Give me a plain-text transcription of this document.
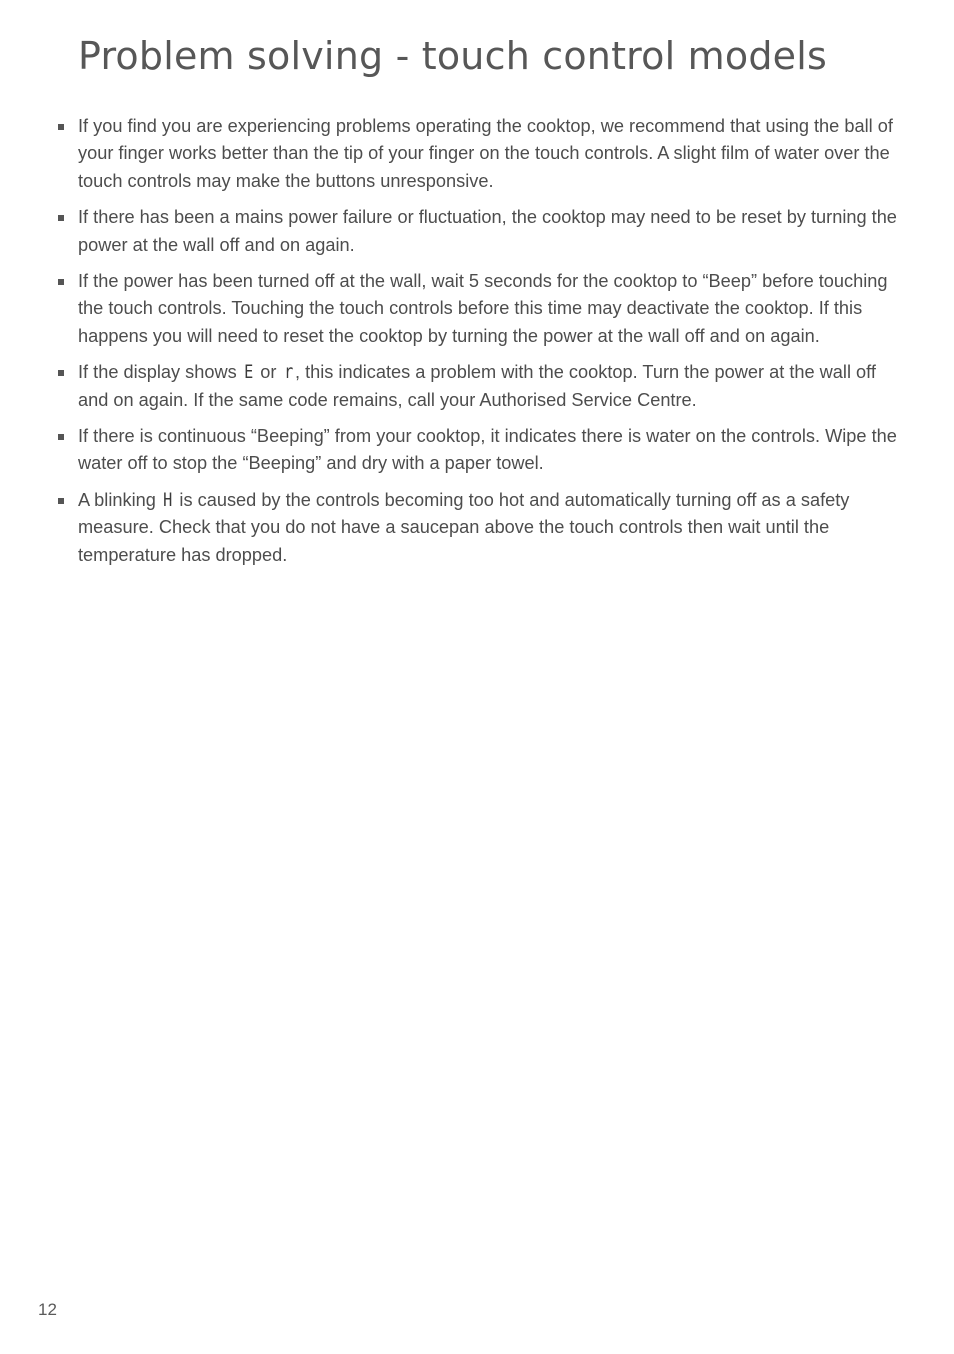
Problem solving - touch control models
If you find you are experiencing problems operating the cooktop, we recommend that using the ball of your finger works better than the tip of your finger on the touch controls. A slight film of water over the touch controls may make the buttons unresponsive.
If there has been a mains power failure or fluctuation, the cooktop may need to be reset by turning the power at the wall off and on again.
If the power has been turned off at the wall, wait 5 seconds for the cooktop to “Beep” before touching the touch controls. Touching the touch controls before this time may deactivate the cooktop. If this happens you will need to reset the cooktop by turning the power at the wall off and on again.
If the display shows E or r , this indicates a problem with the cooktop. Turn the power at the wall off and on again. If the same code remains, call your Authorised Service Centre.
If there is continuous “Beeping” from your cooktop, it indicates there is water on the controls. Wipe the water off to stop the “Beeping” and dry with a paper towel.
A blinking H is caused by the controls becoming too hot and automatically turning off as a safety measure. Check that you do not have a saucepan above the touch controls then wait until the temperature has dropped.
12
